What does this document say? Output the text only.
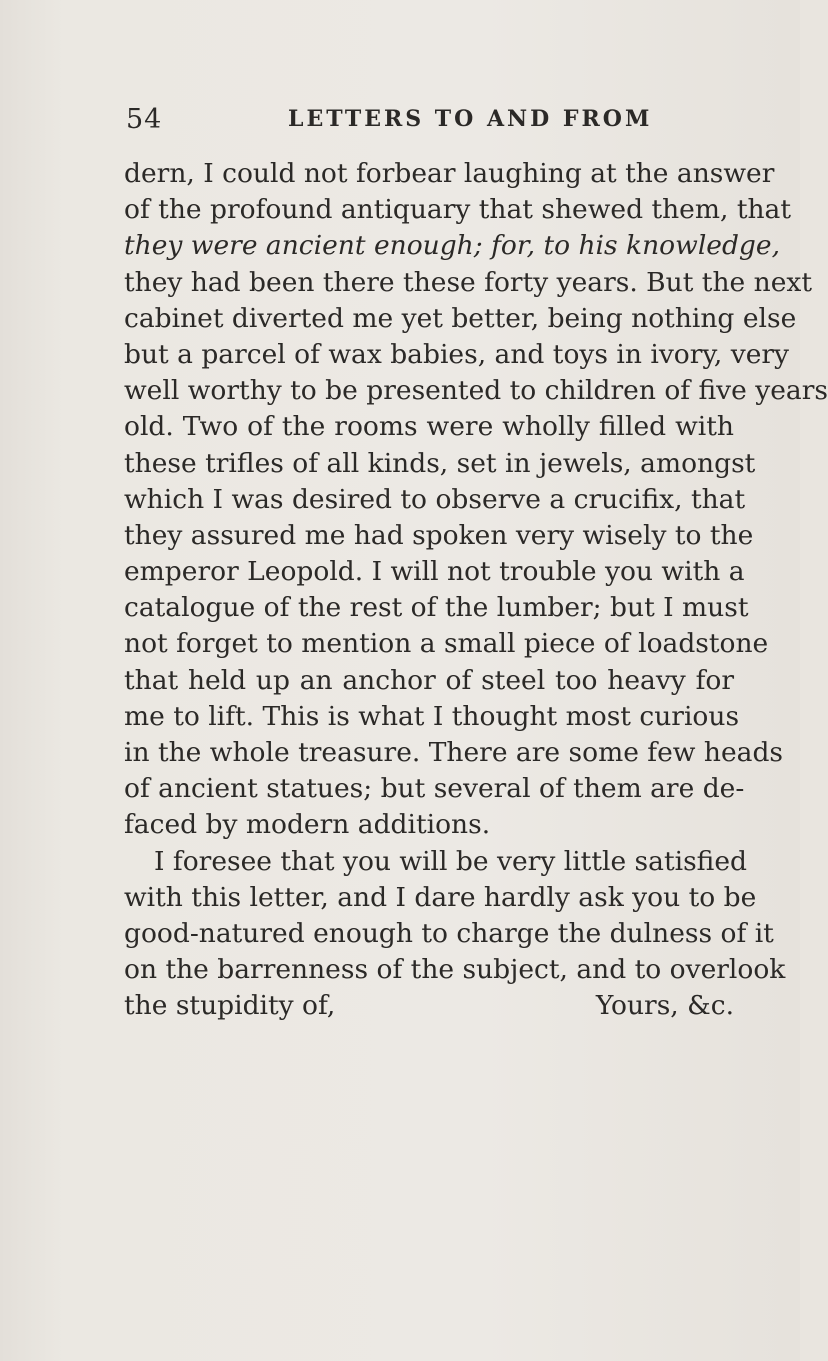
54	LETTERS TO AND FROM
dern, I could not forbear laughing at the answer
of the profound antiquary that shewed them, that
they were ancient enough; for, to his knowledge,
they had been there these forty years. But the next
cabinet diverted me yet better, being nothing else
but a parcel of wax babies, and toys in ivory, very
well worthy to be presented to children of five years
old. Two of the rooms were wholly filled with
these trifles of all kinds, set in jewels, amongst
which I was desired to observe a crucifix, that
they assured me had spoken very wisely to the
emperor Leopold. I will not trouble you with a
catalogue of the rest of the lumber; but I must
not forget to mention a small piece of loadstone
that held up an anchor of steel too heavy for
me to lift. This is what I thought most curious
in the whole treasure. There are some few heads
of ancient statues; but several of them are de-
faced by modern additions.
I foresee that you will be very little satisfied
with this letter, and I dare hardly ask you to be
good-natured enough to charge the dulness of it
on the barrenness of the subject, and to overlook
the stupidity of,	Yours, &c.
